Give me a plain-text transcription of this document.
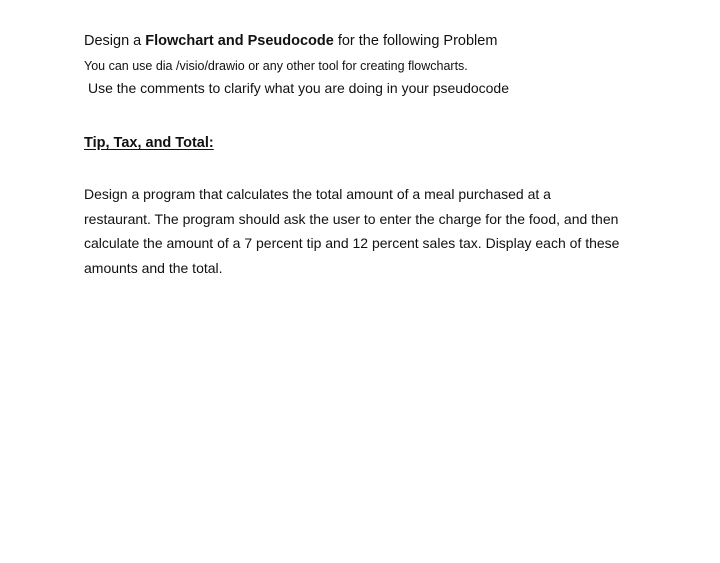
Design a Flowchart and Pseudocode for the following Problem
You can use dia /visio/drawio or any other tool for creating flowcharts.
Use the comments to clarify what you are doing in your pseudocode
Tip, Tax, and Total:
Design a program that calculates the total amount of a meal purchased at a
restaurant. The program should ask the user to enter the charge for the food, and then
calculate the amount of a 7 percent tip and 12 percent sales tax. Display each of these
amounts and the total.
